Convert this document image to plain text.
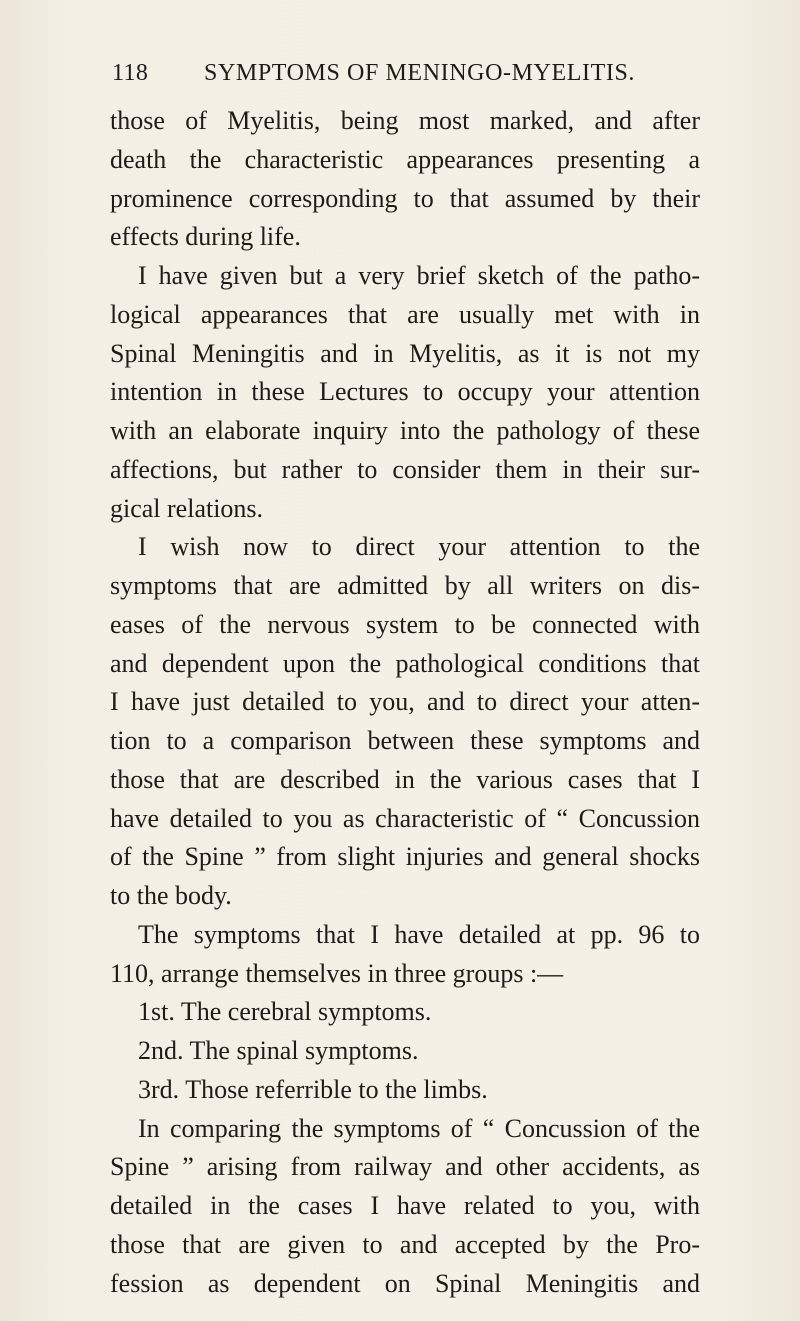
118 SYMPTOMS OF MENINGO-MYELITIS.
those of Myelitis, being most marked, and after
death the characteristic appearances presenting a
prominence corresponding to that assumed by their
effects during life.
I have given but a very brief sketch of the patho-
logical appearances that are usually met with in
Spinal Meningitis and in Myelitis, as it is not my
intention in these Lectures to occupy your attention
with an elaborate inquiry into the pathology of these
affections, but rather to consider them in their sur-
gical relations.
I wish now to direct your attention to the
symptoms that are admitted by all writers on dis-
eases of the nervous system to be connected with
and dependent upon the pathological conditions that
I have just detailed to you, and to direct your atten-
tion to a comparison between these symptoms and
those that are described in the various cases that I
have detailed to you as characteristic of “ Concussion
of the Spine ” from slight injuries and general shocks
to the body.
The symptoms that I have detailed at pp. 96 to
110, arrange themselves in three groups :—
1st. The cerebral symptoms.
2nd. The spinal symptoms.
3rd. Those referrible to the limbs.
In comparing the symptoms of “ Concussion of the
Spine ” arising from railway and other accidents, as
detailed in the cases I have related to you, with
those that are given to and accepted by the Pro-
fession as dependent on Spinal Meningitis and
